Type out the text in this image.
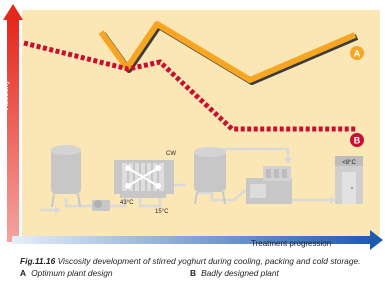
Treatment progression
A
B
CW
43°C
15°C
<8°C
Viscosity
Fig.11.16 Viscosity development of stirred yoghurt during cooling, packing and cold storage.
A Optimum plant design	B Badly designed plant
